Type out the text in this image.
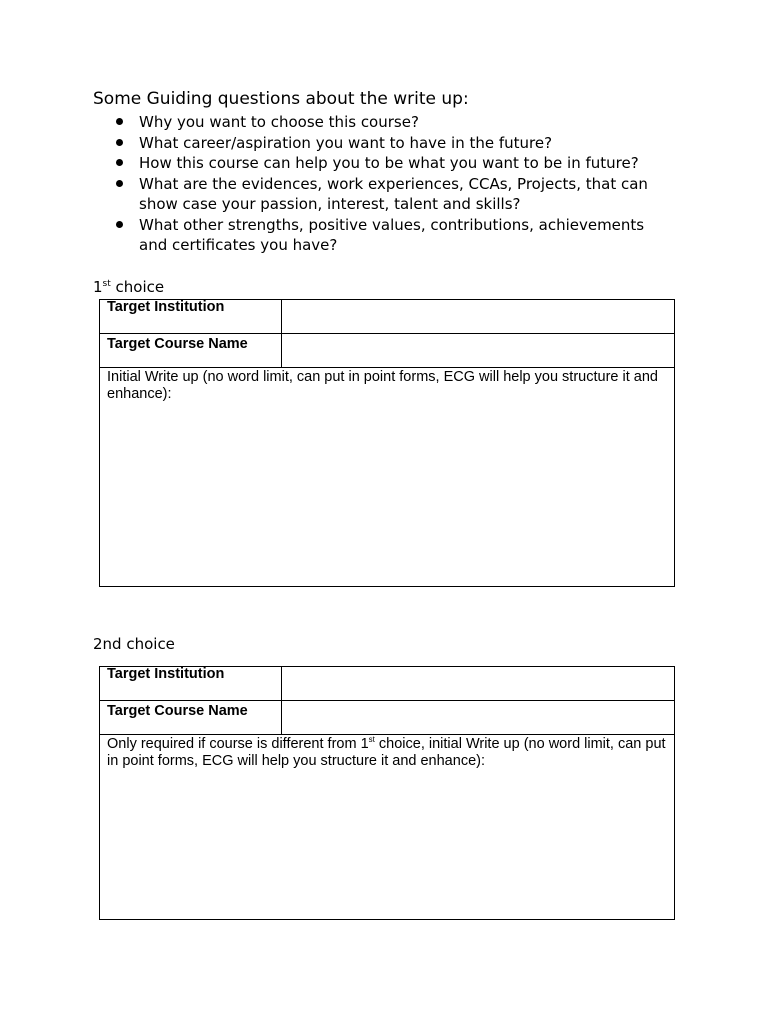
Some Guiding questions about the write up:
Why you want to choose this course?
What career/aspiration you want to have in the future?
How this course can help you to be what you want to be in future?
What are the evidences, work experiences, CCAs, Projects, that can show case your passion, interest, talent and skills?
What other strengths, positive values, contributions, achievements and certificates you have?
1st choice
Target Institution	

Target Course Name	

Initial Write up (no word limit, can put in point forms, ECG will help you structure it and enhance):	
2nd choice
Target Institution	

Target Course Name	

Only required if course is different from 1st choice, initial Write up (no word limit, can put in point forms, ECG will help you structure it and enhance):	
